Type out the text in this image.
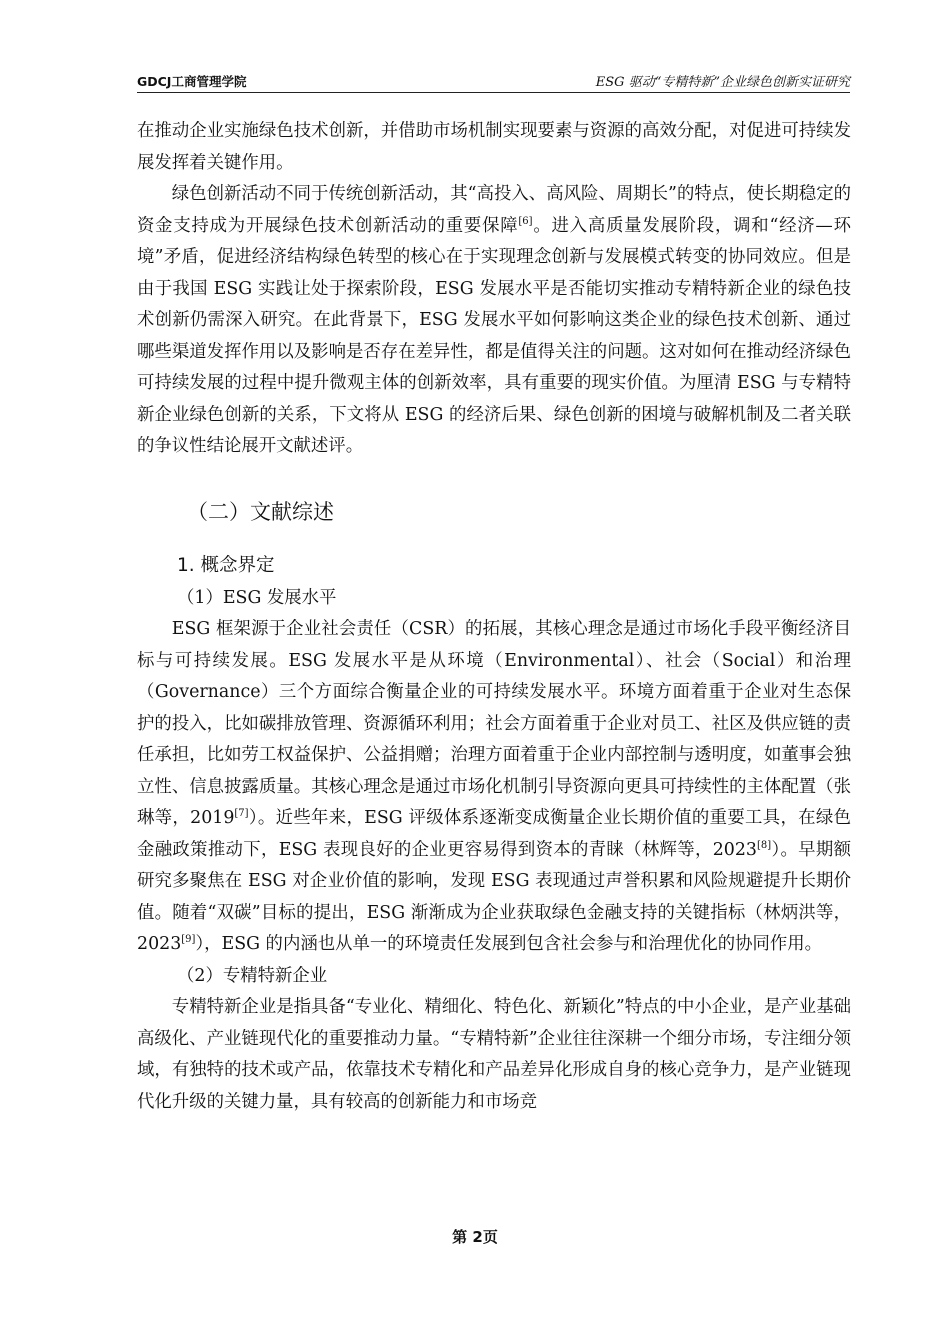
GDCJ工商管理学院	ESG 驱动“专精特新”企业绿色创新实证研究

在推动企业实施绿色技术创新，并借助市场机制实现要素与资源的高效分配，对促进可持续发展发挥着关键作用。

绿色创新活动不同于传统创新活动，其“高投入、高风险、周期长”的特点，使长期稳定的资金支持成为开展绿色技术创新活动的重要保障[6]。进入高质量发展阶段，调和“经济—环境”矛盾，促进经济结构绿色转型的核心在于实现理念创新与发展模式转变的协同效应。但是由于我国 ESG 实践让处于探索阶段，ESG 发展水平是否能切实推动专精特新企业的绿色技术创新仍需深入研究。在此背景下，ESG 发展水平如何影响这类企业的绿色技术创新、通过哪些渠道发挥作用以及影响是否存在差异性，都是值得关注的问题。这对如何在推动经济绿色可持续发展的过程中提升微观主体的创新效率，具有重要的现实价值。为厘清 ESG 与专精特新企业绿色创新的关系，下文将从 ESG 的经济后果、绿色创新的困境与破解机制及二者关联的争议性结论展开文献述评。

（二）文献综述
1. 概念界定

（1）ESG 发展水平

ESG 框架源于企业社会责任（CSR）的拓展，其核心理念是通过市场化手段平衡经济目标与可持续发展。ESG 发展水平是从环境（Environmental）、社会（Social）和治理（Governance）三个方面综合衡量企业的可持续发展水平。环境方面着重于企业对生态保护的投入，比如碳排放管理、资源循环利用；社会方面着重于企业对员工、社区及供应链的责任承担，比如劳工权益保护、公益捐赠；治理方面着重于企业内部控制与透明度，如董事会独立性、信息披露质量。其核心理念是通过市场化机制引导资源向更具可持续性的主体配置（张琳等，2019[7]）。近些年来，ESG 评级体系逐渐变成衡量企业长期价值的重要工具，在绿色金融政策推动下，ESG 表现良好的企业更容易得到资本的青睐（林辉等，2023[8]）。早期额研究多聚焦在 ESG 对企业价值的影响，发现 ESG 表现通过声誉积累和风险规避提升长期价值。随着“双碳”目标的提出，ESG 渐渐成为企业获取绿色金融支持的关键指标（林炳洪等，2023[9]），ESG 的内涵也从单一的环境责任发展到包含社会参与和治理优化的协同作用。

（2）专精特新企业

专精特新企业是指具备“专业化、精细化、特色化、新颖化”特点的中小企业，是产业基础高级化、产业链现代化的重要推动力量。“专精特新”企业往往深耕一个细分市场，专注细分领域，有独特的技术或产品，依靠技术专精化和产品差异化形成自身的核心竞争力，是产业链现代化升级的关键力量，具有较高的创新能力和市场竞

第 2页
